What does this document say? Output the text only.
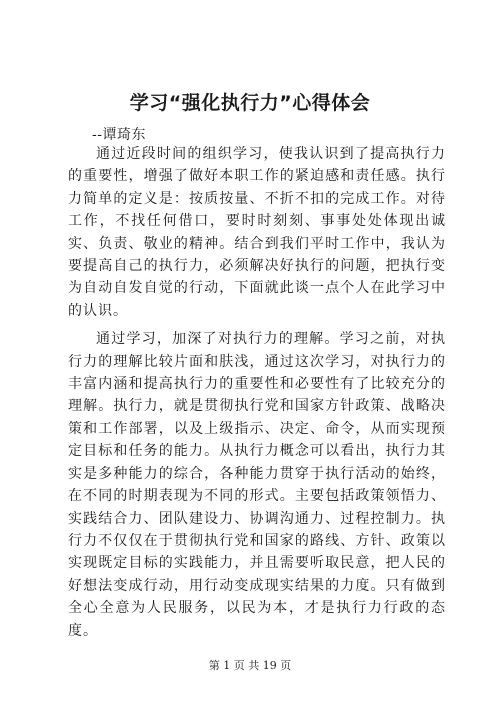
学习“强化执行力”心得体会
--谭琦东

通过近段时间的组织学习，使我认识到了提高执行力的重要性，增强了做好本职工作的紧迫感和责任感。执行力简单的定义是：按质按量、不折不扣的完成工作。对待工作，不找任何借口，要时时刻刻、事事处处体现出诚实、负责、敬业的精神。结合到我们平时工作中，我认为要提高自己的执行力，必须解决好执行的问题，把执行变为自动自发自觉的行动，下面就此谈一点个人在此学习中的认识。

通过学习，加深了对执行力的理解。学习之前，对执行力的理解比较片面和肤浅，通过这次学习，对执行力的丰富内涵和提高执行力的重要性和必要性有了比较充分的理解。执行力，就是贯彻执行党和国家方针政策、战略决策和工作部署，以及上级指示、决定、命令，从而实现预定目标和任务的能力。从执行力概念可以看出，执行力其实是多种能力的综合，各种能力贯穿于执行活动的始终，在不同的时期表现为不同的形式。主要包括政策领悟力、实践结合力、团队建设力、协调沟通力、过程控制力。执行力不仅仅在于贯彻执行党和国家的路线、方针、政策以实现既定目标的实践能力，并且需要听取民意，把人民的好想法变成行动，用行动变成现实结果的力度。只有做到全心全意为人民服务，以民为本，才是执行力行政的态度。

第 1 页 共 19 页
